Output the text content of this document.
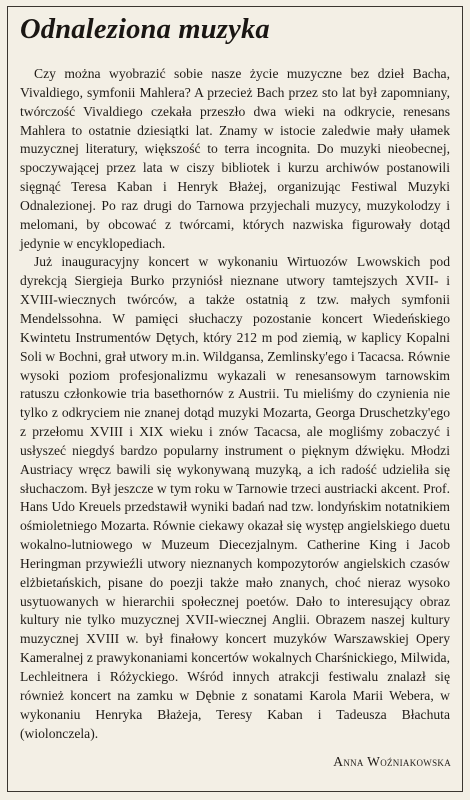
Odnaleziona muzyka

Czy można wyobrazić sobie nasze życie muzyczne bez dzieł Bacha, Vivaldiego, symfonii Mahlera? A przecież Bach przez sto lat był zapomniany, twórczość Vivaldiego czekała przeszło dwa wieki na odkrycie, renesans Mahlera to ostatnie dziesiątki lat. Znamy w istocie zaledwie mały ułamek muzycznej literatury, większość to terra incognita. Do muzyki nieobecnej, spoczywającej przez lata w ciszy bibliotek i kurzu archiwów postanowili sięgnąć Teresa Kaban i Henryk Błażej, organizując Festiwal Muzyki Odnalezionej. Po raz drugi do Tarnowa przyjechali muzycy, muzykolodzy i melomani, by obcować z twórcami, których nazwiska figurowały dotąd jedynie w encyklopediach.

Już inauguracyjny koncert w wykonaniu Wirtuozów Lwowskich pod dyrekcją Siergieja Burko przyniósł nieznane utwory tamtejszych XVII- i XVIII-wiecznych twórców, a także ostatnią z tzw. małych symfonii Mendelssohna. W pamięci słuchaczy pozostanie koncert Wiedeńskiego Kwintetu Instrumentów Dętych, który 212 m pod ziemią, w kaplicy Kopalni Soli w Bochni, grał utwory m.in. Wildgansa, Zemlinsky'ego i Tacacsa. Równie wysoki poziom profesjonalizmu wykazali w renesansowym tarnowskim ratuszu członkowie tria basethornów z Austrii. Tu mieliśmy do czynienia nie tylko z odkryciem nie znanej dotąd muzyki Mozarta, Georga Druschetzky'ego z przełomu XVIII i XIX wieku i znów Tacacsa, ale mogliśmy zobaczyć i usłyszeć niegdyś bardzo popularny instrument o pięknym dźwięku. Młodzi Austriacy wręcz bawili się wykonywaną muzyką, a ich radość udzieliła się słuchaczom. Był jeszcze w tym roku w Tarnowie trzeci austriacki akcent. Prof. Hans Udo Kreuels przedstawił wyniki badań nad tzw. londyńskim notatnikiem ośmioletniego Mozarta. Równie ciekawy okazał się występ angielskiego duetu wokalno-lutniowego w Muzeum Diecezjalnym. Catherine King i Jacob Heringman przywieźli utwory nieznanych kompozytorów angielskich czasów elżbietańskich, pisane do poezji także mało znanych, choć nieraz wysoko usytuowanych w hierarchii społecznej poetów. Dało to interesujący obraz kultury nie tylko muzycznej XVII-wiecznej Anglii. Obrazem naszej kultury muzycznej XVIII w. był finałowy koncert muzyków Warszawskiej Opery Kameralnej z prawykonaniami koncertów wokalnych Charśnickiego, Milwida, Lechleitnera i Różyckiego. Wśród innych atrakcji festiwalu znalazł się również koncert na zamku w Dębnie z sonatami Karola Marii Webera, w wykonaniu Henryka Błażeja, Teresy Kaban i Tadeusza Błachuta (wiolonczela).

Anna Woźniakowska
